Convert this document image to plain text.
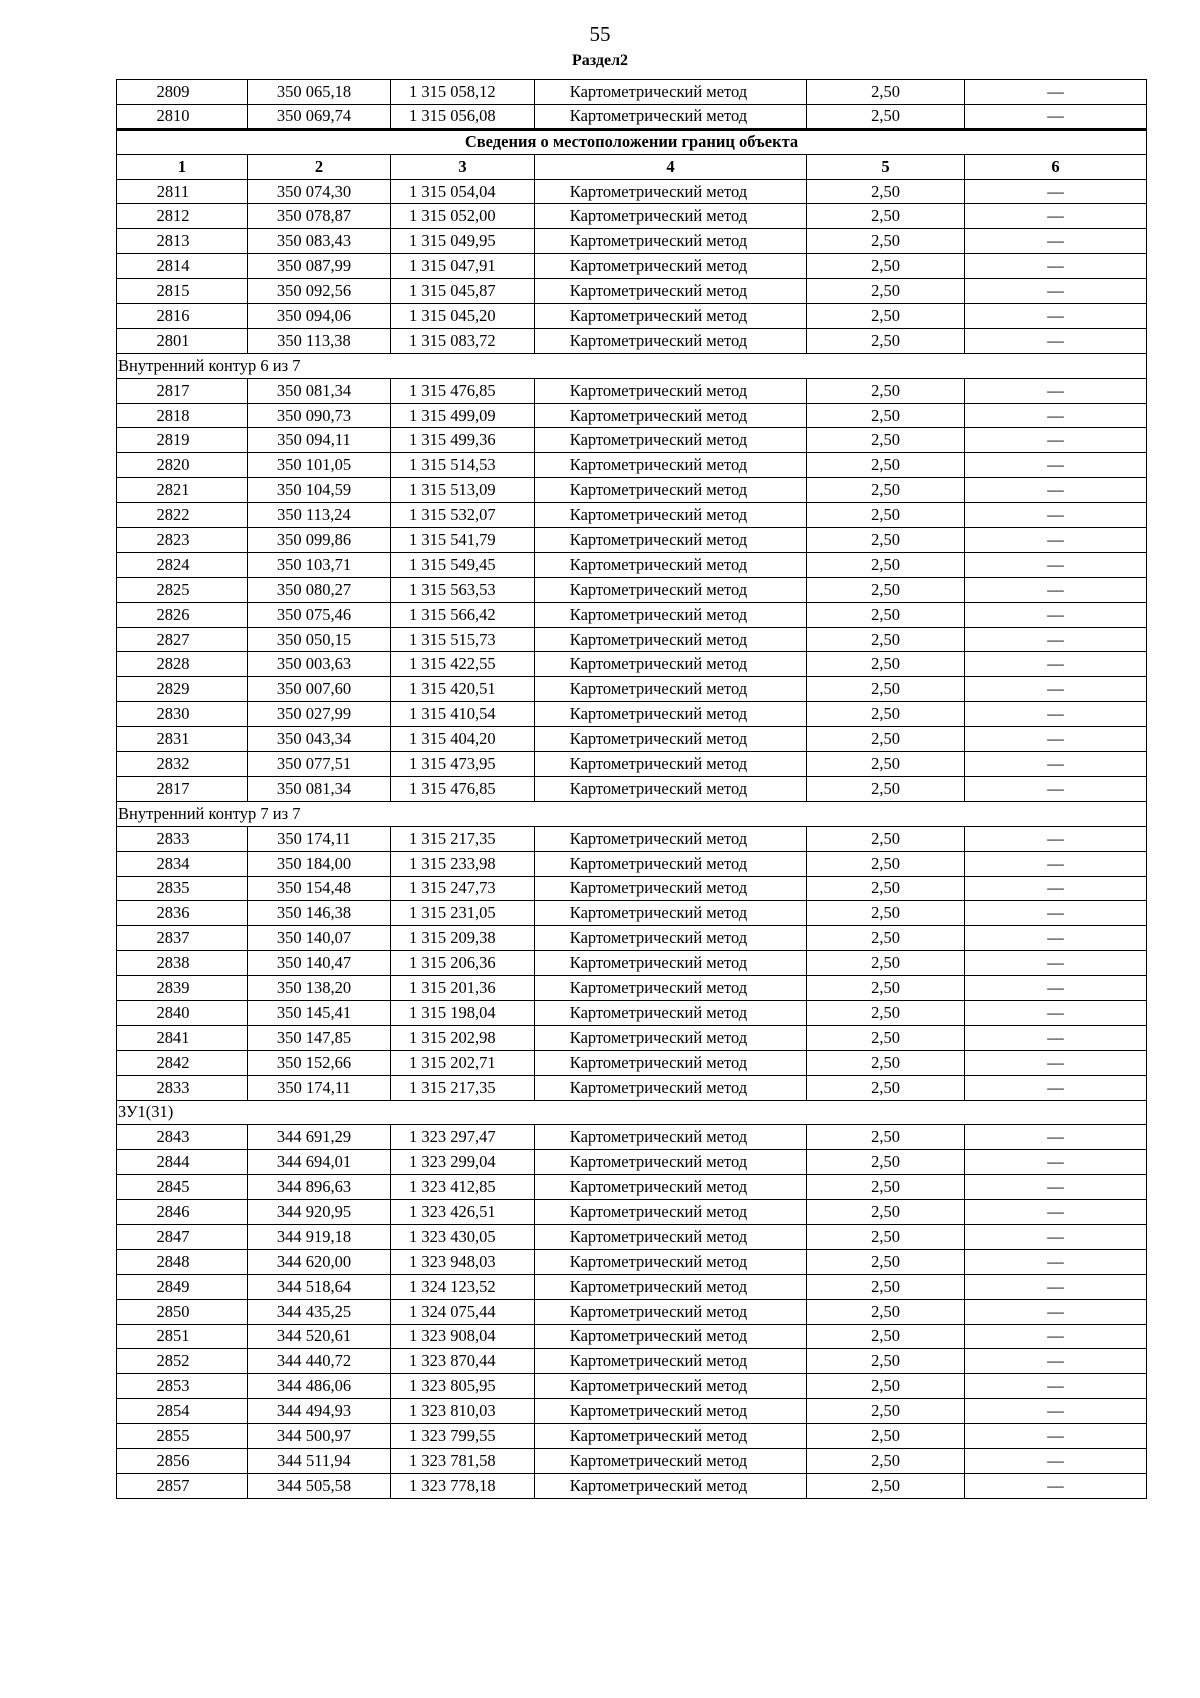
55
Раздел2
2809	350 065,18	1 315 058,12	Картометрический метод	2,50	—
2810	350 069,74	1 315 056,08	Картометрический метод	2,50	—
Сведения о местоположении границ объекта					
1	2	3	4	5	6
2811	350 074,30	1 315 054,04	Картометрический метод	2,50	—
2812	350 078,87	1 315 052,00	Картометрический метод	2,50	—
2813	350 083,43	1 315 049,95	Картометрический метод	2,50	—
2814	350 087,99	1 315 047,91	Картометрический метод	2,50	—
2815	350 092,56	1 315 045,87	Картометрический метод	2,50	—
2816	350 094,06	1 315 045,20	Картометрический метод	2,50	—
2801	350 113,38	1 315 083,72	Картометрический метод	2,50	—
Внутренний контур 6 из 7					
2817	350 081,34	1 315 476,85	Картометрический метод	2,50	—
2818	350 090,73	1 315 499,09	Картометрический метод	2,50	—
2819	350 094,11	1 315 499,36	Картометрический метод	2,50	—
2820	350 101,05	1 315 514,53	Картометрический метод	2,50	—
2821	350 104,59	1 315 513,09	Картометрический метод	2,50	—
2822	350 113,24	1 315 532,07	Картометрический метод	2,50	—
2823	350 099,86	1 315 541,79	Картометрический метод	2,50	—
2824	350 103,71	1 315 549,45	Картометрический метод	2,50	—
2825	350 080,27	1 315 563,53	Картометрический метод	2,50	—
2826	350 075,46	1 315 566,42	Картометрический метод	2,50	—
2827	350 050,15	1 315 515,73	Картометрический метод	2,50	—
2828	350 003,63	1 315 422,55	Картометрический метод	2,50	—
2829	350 007,60	1 315 420,51	Картометрический метод	2,50	—
2830	350 027,99	1 315 410,54	Картометрический метод	2,50	—
2831	350 043,34	1 315 404,20	Картометрический метод	2,50	—
2832	350 077,51	1 315 473,95	Картометрический метод	2,50	—
2817	350 081,34	1 315 476,85	Картометрический метод	2,50	—
Внутренний контур 7 из 7					
2833	350 174,11	1 315 217,35	Картометрический метод	2,50	—
2834	350 184,00	1 315 233,98	Картометрический метод	2,50	—
2835	350 154,48	1 315 247,73	Картометрический метод	2,50	—
2836	350 146,38	1 315 231,05	Картометрический метод	2,50	—
2837	350 140,07	1 315 209,38	Картометрический метод	2,50	—
2838	350 140,47	1 315 206,36	Картометрический метод	2,50	—
2839	350 138,20	1 315 201,36	Картометрический метод	2,50	—
2840	350 145,41	1 315 198,04	Картометрический метод	2,50	—
2841	350 147,85	1 315 202,98	Картометрический метод	2,50	—
2842	350 152,66	1 315 202,71	Картометрический метод	2,50	—
2833	350 174,11	1 315 217,35	Картометрический метод	2,50	—
ЗУ1(31)					
2843	344 691,29	1 323 297,47	Картометрический метод	2,50	—
2844	344 694,01	1 323 299,04	Картометрический метод	2,50	—
2845	344 896,63	1 323 412,85	Картометрический метод	2,50	—
2846	344 920,95	1 323 426,51	Картометрический метод	2,50	—
2847	344 919,18	1 323 430,05	Картометрический метод	2,50	—
2848	344 620,00	1 323 948,03	Картометрический метод	2,50	—
2849	344 518,64	1 324 123,52	Картометрический метод	2,50	—
2850	344 435,25	1 324 075,44	Картометрический метод	2,50	—
2851	344 520,61	1 323 908,04	Картометрический метод	2,50	—
2852	344 440,72	1 323 870,44	Картометрический метод	2,50	—
2853	344 486,06	1 323 805,95	Картометрический метод	2,50	—
2854	344 494,93	1 323 810,03	Картометрический метод	2,50	—
2855	344 500,97	1 323 799,55	Картометрический метод	2,50	—
2856	344 511,94	1 323 781,58	Картометрический метод	2,50	—
2857	344 505,58	1 323 778,18	Картометрический метод	2,50	—
